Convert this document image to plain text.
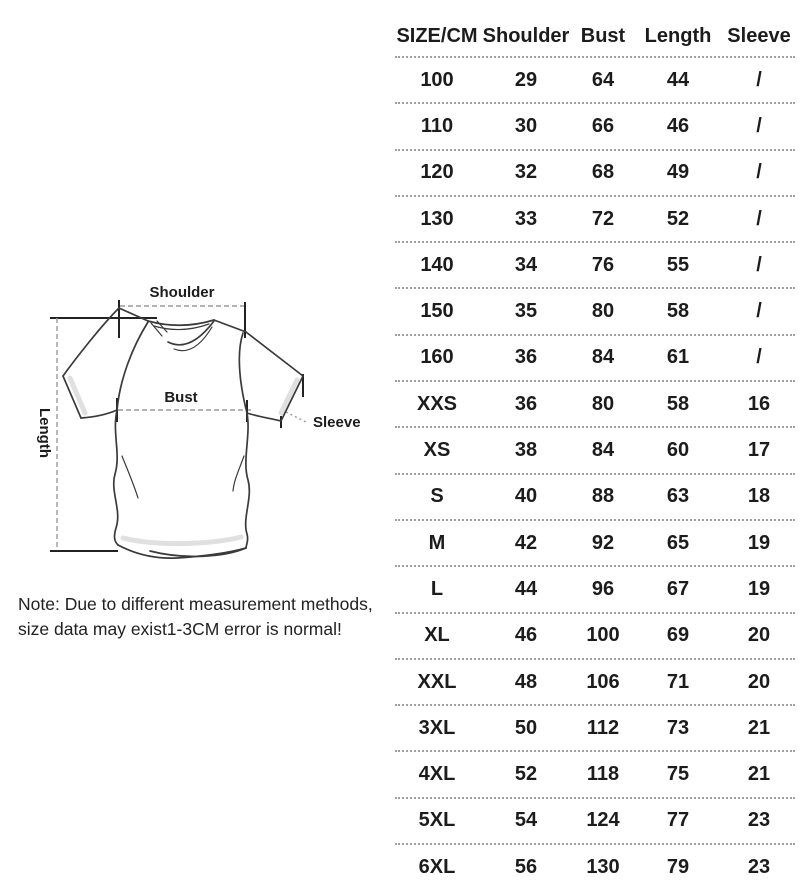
Shoulder
Bust
Length	Sleeve
Note: Due to different measurement methods,
size data may exist1-3CM error is normal!
SIZE/CM Shoulder Bust Length Sleeve
100	29	64	44	/
110	30	66	46	/
120	32	68	49	/
130	33	72	52	/
140	34	76	55	/
150	35	80	58	/
160	36	84	61	/
XXS	36	80	58	16
XS	38	84	60	17
S	40	88	63	18
M	42	92	65	19
L	44	96	67	19
XL	46 100 69	20
XXL	48 106 71	20
3XL	50 112 73	21
4XL	52 118 75	21
5XL	54 124 77	23
6XL	56 130 79	23
